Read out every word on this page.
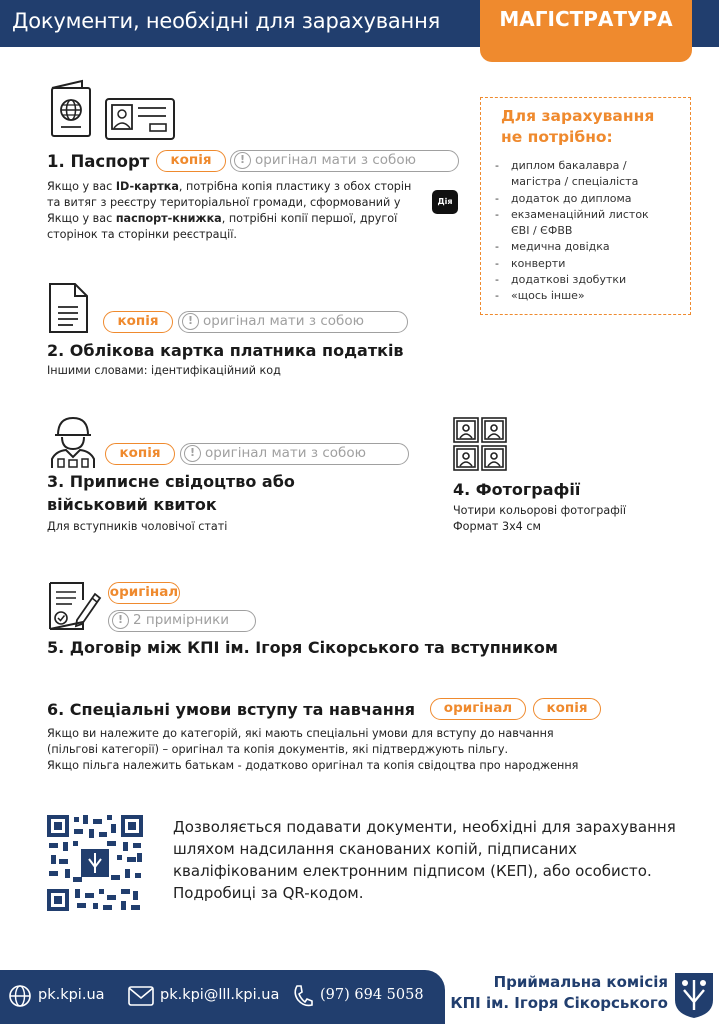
Документи, необхідні для зарахування	МАГІСТРАТУРА
1. Паспорт	копія	! оригінал мати з собою
Якщо у вас ID-картка, потрібна копія пластику з обох сторін
та витяг з реєстру територіальної громади, сформований у	Дія
Якщо у вас паспорт-книжка, потрібні копії першої, другої
сторінок та сторінки реєстрації.
Для зарахування
не потрібно:
- диплом бакалавра /
магістра / спеціаліста
- додаток до диплома
- екзаменаційний листок
ЄВІ / ЄФВВ
- медична довідка
- конверти
- додаткові здобутки
- «щось інше»
копія	! оригінал мати з собою
2. Облікова картка платника податків
Іншими словами: ідентифікаційний код
копія	! оригінал мати з собою
3. Приписне свідоцтво або
військовий квиток
Для вступників чоловічої статі
4. Фотографії
Чотири кольорові фотографії
Формат 3х4 см
оригінал
! 2 примірники
5. Договір між КПІ ім. Ігоря Сікорського та вступником
6. Спеціальні умови вступу та навчання	оригінал	копія
Якщо ви належите до категорій, які мають спеціальні умови для вступу до навчання
(пільгові категорії) – оригінал та копія документів, які підтверджують пільгу.
Якщо пільга належить батькам - додатково оригінал та копія свідоцтва про народження
Дозволяється подавати документи, необхідні для зарахування
шляхом надсилання сканованих копій, підписаних
кваліфікованим електронним підписом (КЕП), або особисто.
Подробиці за QR-кодом.
pk.kpi.ua	pk.kpi@lll.kpi.ua	(97) 694 5058
Приймальна комісія
КПІ ім. Ігоря Сікорського
